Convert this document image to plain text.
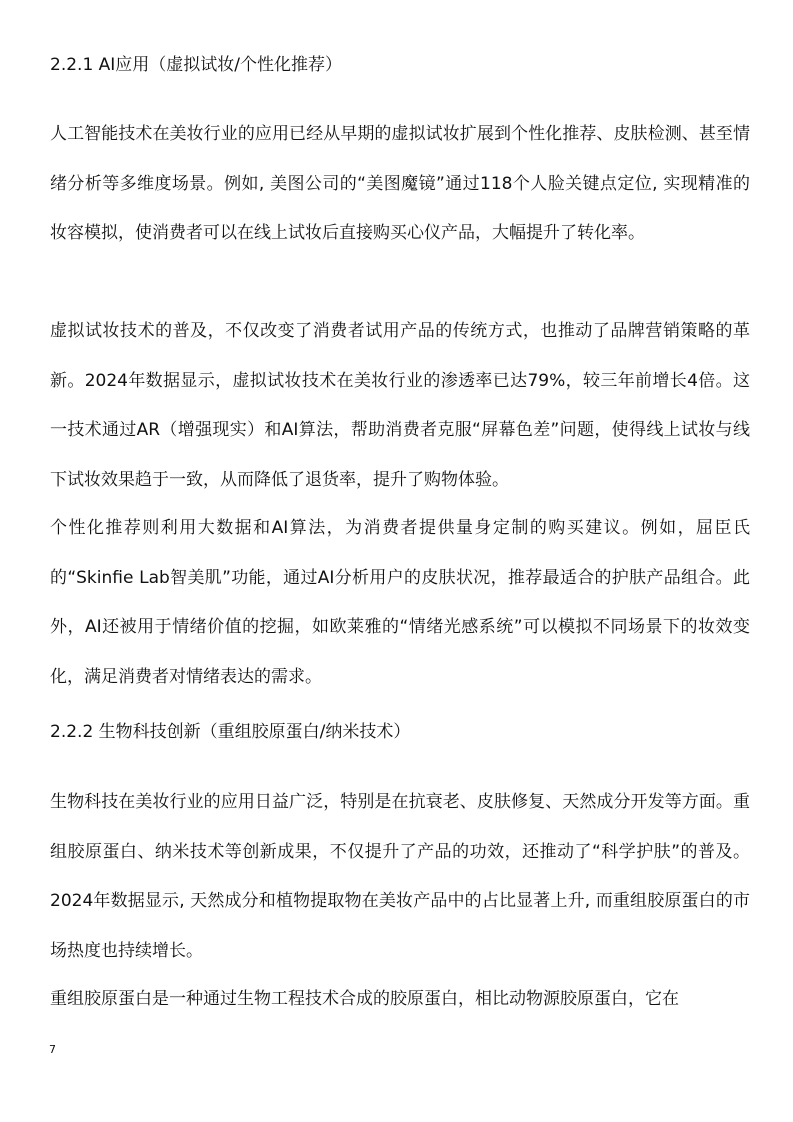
2.2.1 AI应用（虚拟试妆/个性化推荐）

人工智能技术在美妆行业的应用已经从早期的虚拟试妆扩展到个性化推荐、皮肤检测、甚至情绪分析等多维度场景。例如, 美图公司的“美图魔镜”通过118个人脸关键点定位, 实现精准的妆容模拟，使消费者可以在线上试妆后直接购买心仪产品，大幅提升了转化率。

虚拟试妆技术的普及，不仅改变了消费者试用产品的传统方式，也推动了品牌营销策略的革新。2024年数据显示，虚拟试妆技术在美妆行业的渗透率已达79%，较三年前增长4倍。这一技术通过AR（增强现实）和AI算法，帮助消费者克服“屏幕色差”问题，使得线上试妆与线下试妆效果趋于一致，从而降低了退货率，提升了购物体验。

个性化推荐则利用大数据和AI算法，为消费者提供量身定制的购买建议。例如，屈臣氏的“Skinfie Lab智美肌”功能，通过AI分析用户的皮肤状况，推荐最适合的护肤产品组合。此外，AI还被用于情绪价值的挖掘，如欧莱雅的“情绪光感系统”可以模拟不同场景下的妆效变化，满足消费者对情绪表达的需求。

2.2.2 生物科技创新（重组胶原蛋白/纳米技术）

生物科技在美妆行业的应用日益广泛，特别是在抗衰老、皮肤修复、天然成分开发等方面。重组胶原蛋白、纳米技术等创新成果，不仅提升了产品的功效，还推动了“科学护肤”的普及。2024年数据显示, 天然成分和植物提取物在美妆产品中的占比显著上升, 而重组胶原蛋白的市场热度也持续增长。

重组胶原蛋白是一种通过生物工程技术合成的胶原蛋白，相比动物源胶原蛋白，它在

7
